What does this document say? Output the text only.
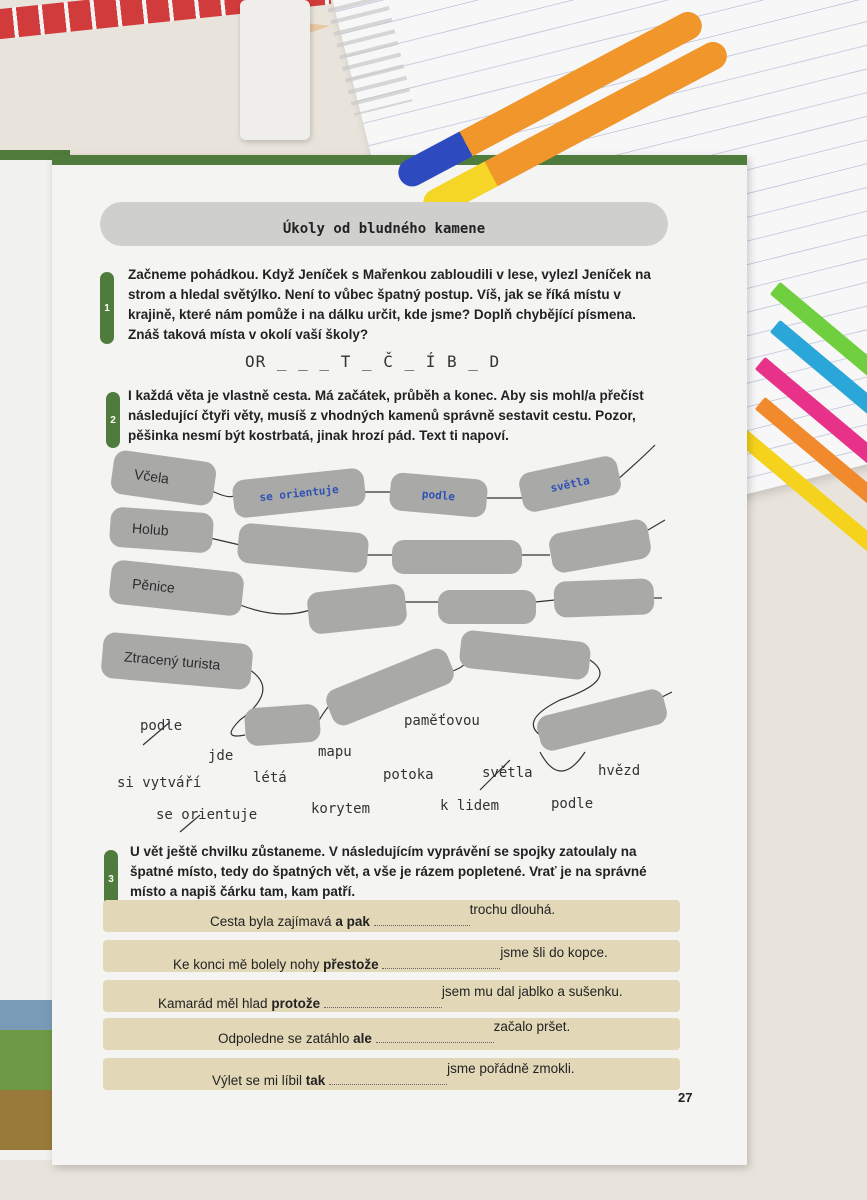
Úkoly od bludného kamene
1
Začneme pohádkou. Když Jeníček s Mařenkou zabloudili v lese, vylezl Jeníček na strom a hledal světýlko. Není to vůbec špatný postup. Víš, jak se říká místu v krajině, které nám pomůže i na dálku určit, kde jsme? Doplň chybějící písmena. Znáš taková místa v okolí vaší školy?
OR _ _ _ T _ Č _ Í B _ D
2
I každá věta je vlastně cesta. Má začátek, průběh a konec. Aby sis mohl/a přečíst následující čtyři věty, musíš z vhodných kamenů správně sestavit cestu. Pozor, pěšinka nesmí být kostrbatá, jinak hrozí pád. Text ti napoví.
Včela
Holub
Pěnice
Ztracený turista
se orientuje	podle
světla
podle	paměťovou
jde	mapu
si vytváří	létá	potoka	světla	hvězd
se orientuje	korytem	k lidem	podle
3
U vět ještě chvilku zůstaneme. V následujícím vyprávění se spojky zatoulaly na špatné místo, tedy do špatných vět, a vše je rázem popletené. Vrať je na správné místo a napiš čárku tam, kam patří.
Cesta byla zajímavá a pak trochu dlouhá.
Ke konci mě bolely nohy přestože jsme šli do kopce.
Kamarád měl hlad protože jsem mu dal jablko a sušenku.
Odpoledne se zatáhlo ale začalo pršet.
Výlet se mi líbil tak jsme pořádně zmokli.
27
